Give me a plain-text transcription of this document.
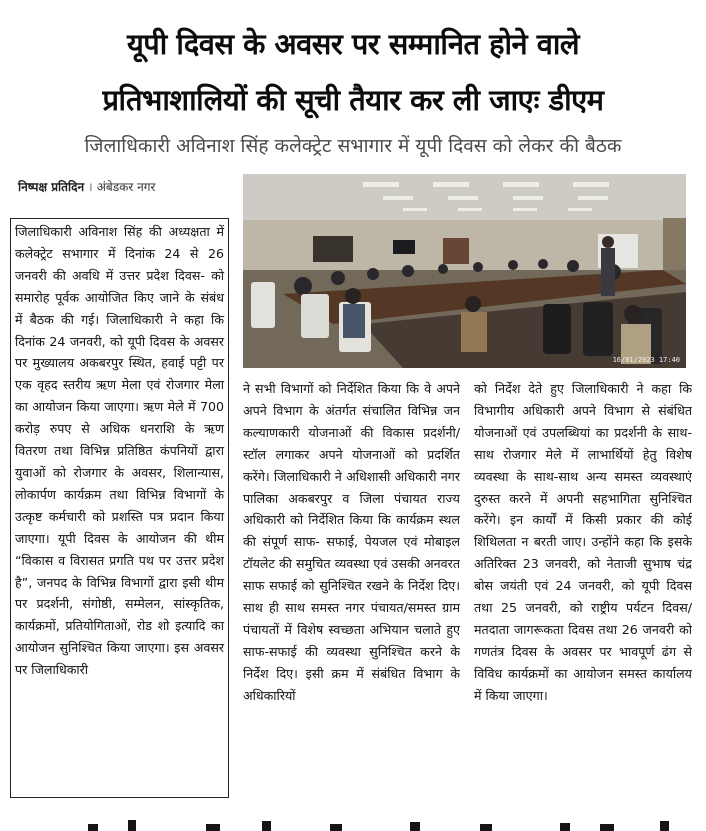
यूपी दिवस के अवसर पर सम्मानित होने वाले
प्रतिभाशालियों की सूची तैयार कर ली जाएः डीएम
जिलाधिकारी अविनाश सिंह कलेक्ट्रेट सभागार में यूपी दिवस को लेकर की बैठक
निष्पक्ष प्रतिदिन । अंबेडकर नगर
16/01/2023 17:40
जिलाधिकारी अविनाश सिंह की अध्यक्षता में कलेक्ट्रेट सभागार में दिनांक 24 से 26 जनवरी की अवधि में उत्तर प्रदेश दिवस- को समारोह पूर्वक आयोजित किए जाने के संबंध में बैठक की गई। जिलाधिकारी ने कहा कि दिनांक 24 जनवरी, को यूपी दिवस के अवसर पर मुख्यालय अकबरपुर स्थित, हवाई पट्टी पर एक वृहद स्तरीय ऋण मेला एवं रोजगार मेला का आयोजन किया जाएगा। ऋण मेले में 700 करोड़ रुपए से अधिक धनराशि के ऋण वितरण तथा विभिन्न प्रतिष्ठित कंपनियों द्वारा युवाओं को रोजगार के अवसर, शिलान्यास, लोकार्पण कार्यक्रम तथा विभिन्न विभागों के उत्कृष्ट कर्मचारी को प्रशस्ति पत्र प्रदान किया जाएगा। यूपी दिवस के आयोजन की थीम “विकास व विरासत प्रगति पथ पर उत्तर प्रदेश है”, जनपद के विभिन्न विभागों द्वारा इसी थीम पर प्रदर्शनी, संगोष्ठी, सम्मेलन, सांस्कृतिक, कार्यक्रमों, प्रतियोगिताओं, रोड शो इत्यादि का आयोजन सुनिश्चित किया जाएगा। इस अवसर पर जिलाधिकारी
ने सभी विभागों को निर्देशित किया कि वे अपने अपने विभाग के अंतर्गत संचालित विभिन्न जन कल्याणकारी योजनाओं की विकास प्रदर्शनी/स्टॉल लगाकर अपने योजनाओं को प्रदर्शित करेंगे। जिलाधिकारी ने अधिशासी अधिकारी नगर पालिका अकबरपुर व जिला पंचायत राज्य अधिकारी को निर्देशित किया कि कार्यक्रम स्थल की संपूर्ण साफ- सफाई, पेयजल एवं मोबाइल टॉयलेट की समुचित व्यवस्था एवं उसकी अनवरत साफ सफाई को सुनिश्चित रखने के निर्देश दिए। साथ ही साथ समस्त नगर पंचायत/समस्त ग्राम पंचायतों में विशेष स्वच्छता अभियान चलाते हुए साफ-सफाई की व्यवस्था सुनिश्चित करने के निर्देश दिए। इसी क्रम में संबंधित विभाग के अधिकारियों
को निर्देश देते हुए जिलाधिकारी ने कहा कि विभागीय अधिकारी अपने विभाग से संबंधित योजनाओं एवं उपलब्धियां का प्रदर्शनी के साथ-साथ रोजगार मेले में लाभार्थियों हेतु विशेष व्यवस्था के साथ-साथ अन्य समस्त व्यवस्थाएं दुरुस्त करने में अपनी सहभागिता सुनिश्चित करेंगे। इन कार्यों में किसी प्रकार की कोई शिथिलता न बरती जाए। उन्होंने कहा कि इसके अतिरिक्त 23 जनवरी, को नेताजी सुभाष चंद्र बोस जयंती एवं 24 जनवरी, को यूपी दिवस तथा 25 जनवरी, को राष्ट्रीय पर्यटन दिवस/ मतदाता जागरूकता दिवस तथा 26 जनवरी को गणतंत्र दिवस के अवसर पर भावपूर्ण ढंग से विविध कार्यक्रमों का आयोजन समस्त कार्यालय में किया जाएगा।
